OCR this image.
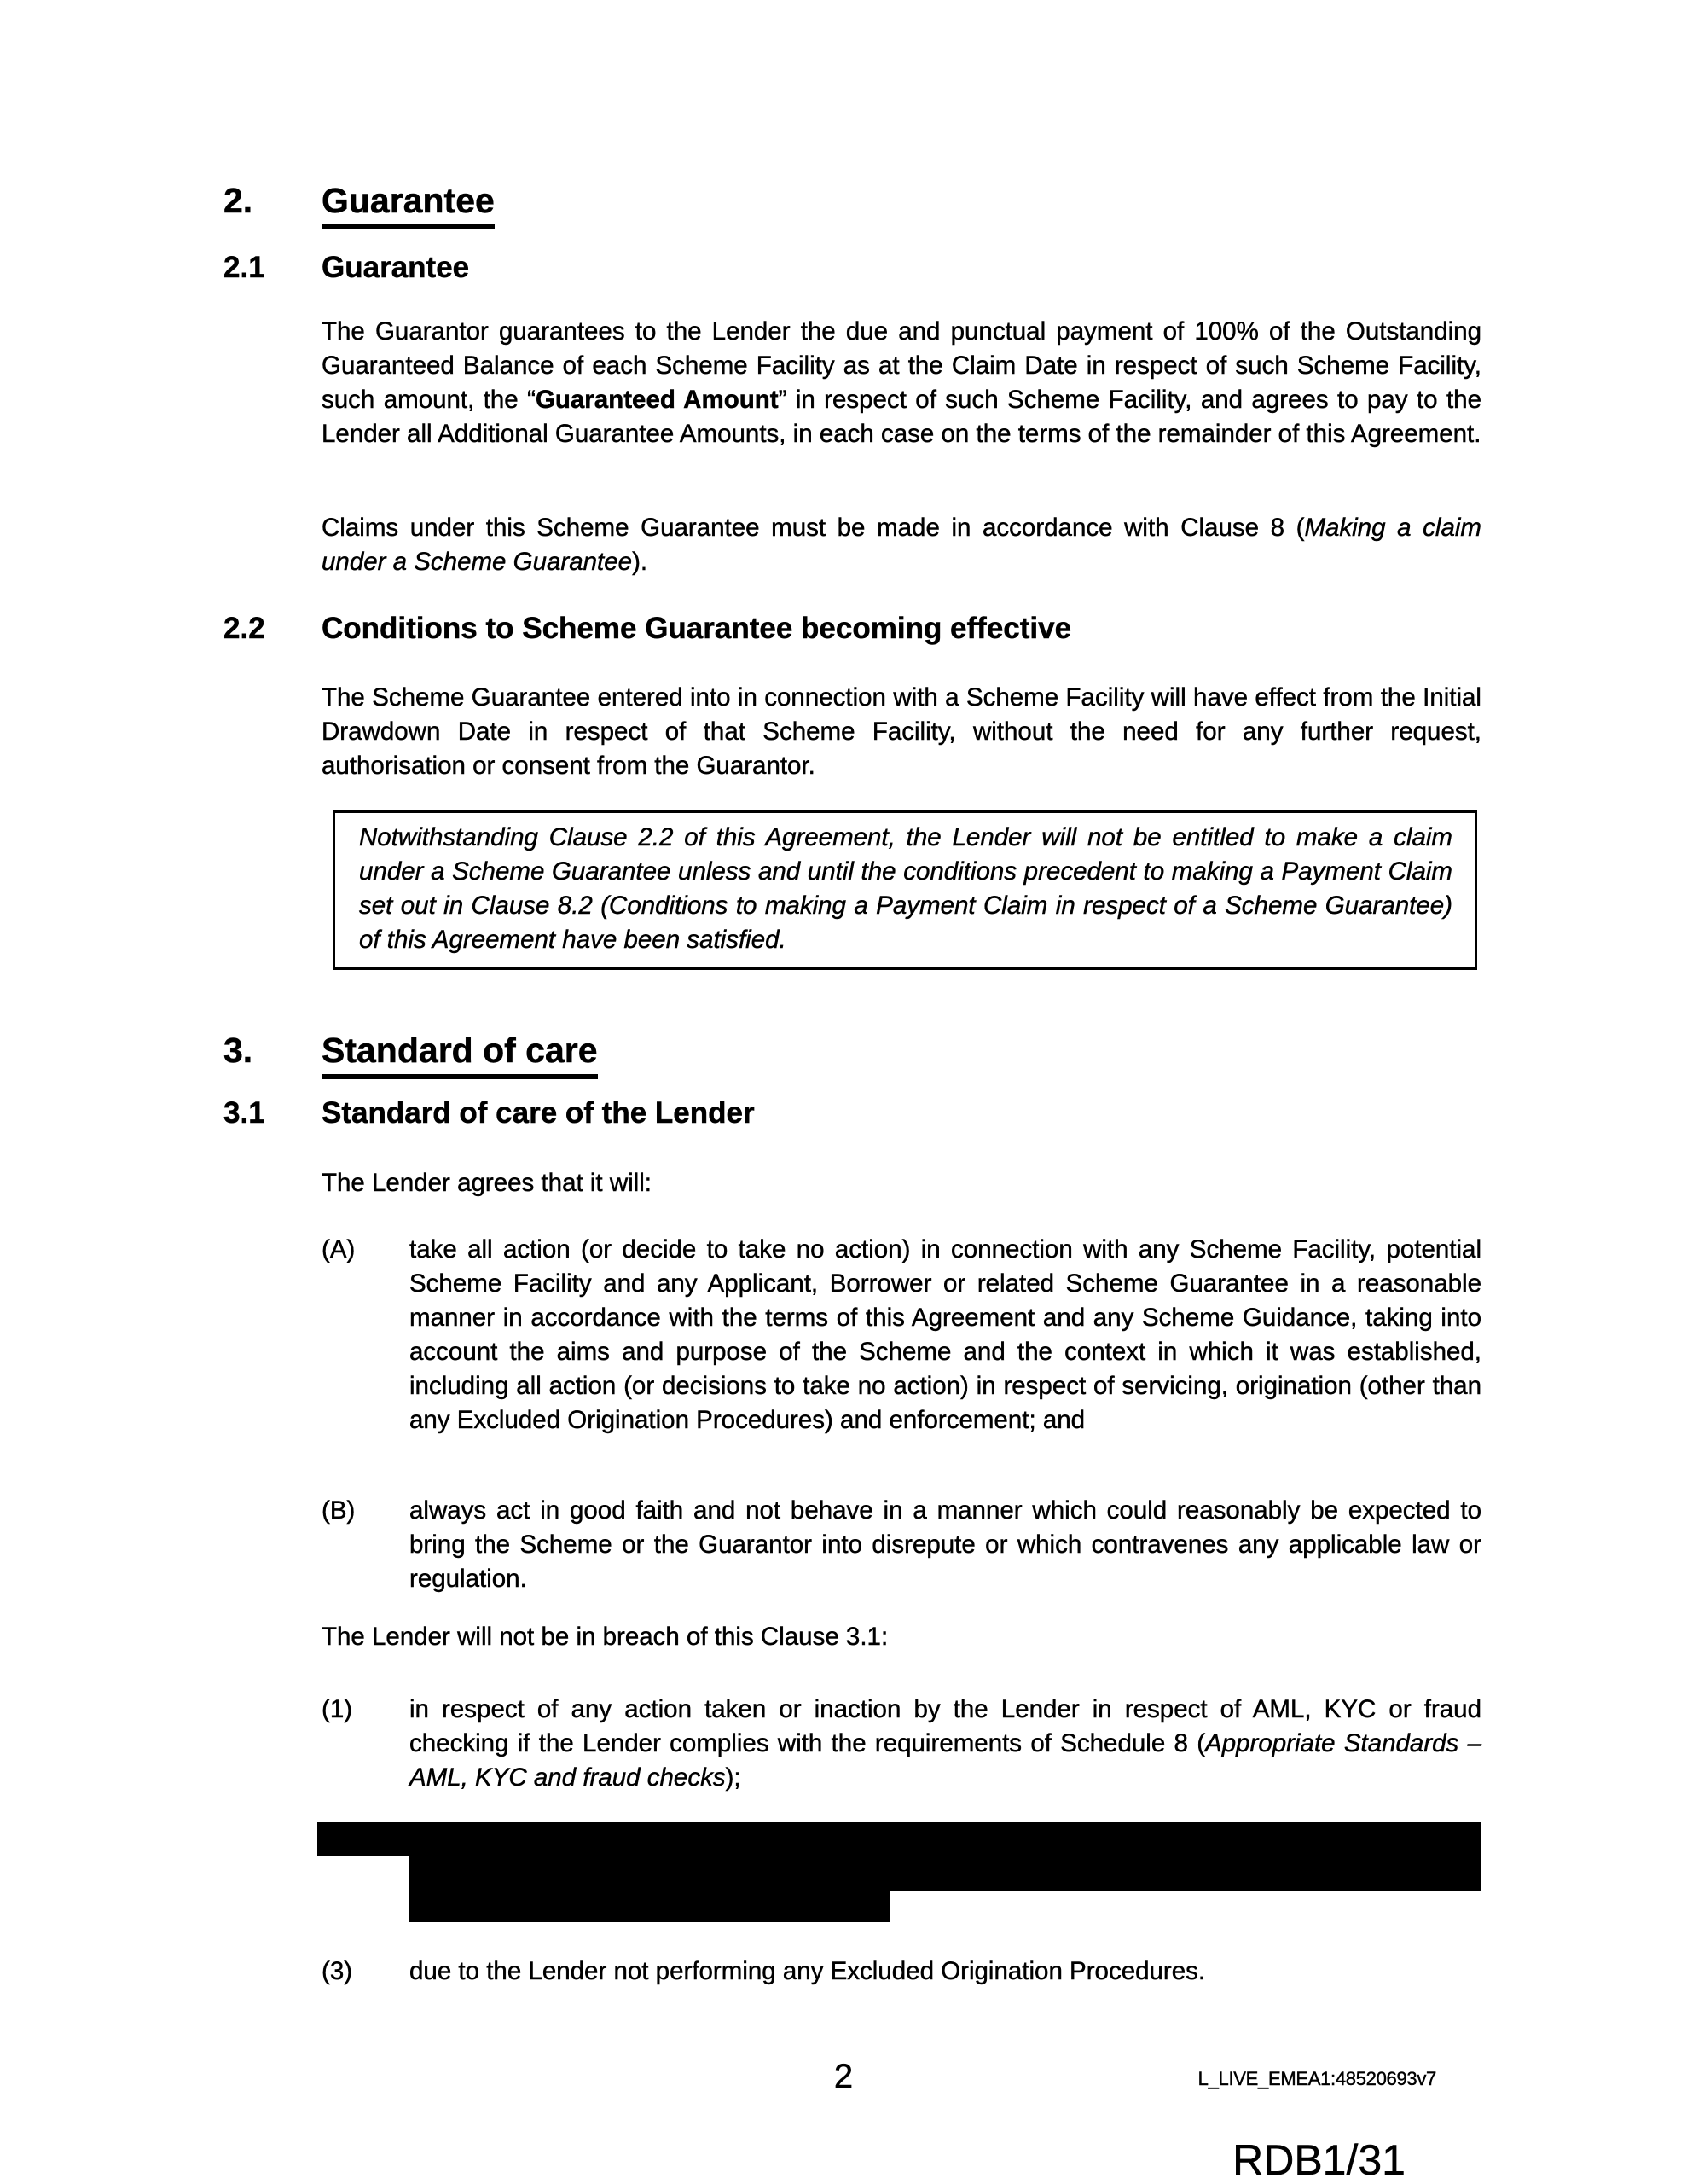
2.	Guarantee
2.1	Guarantee
The Guarantor guarantees to the Lender the due and punctual payment of 100% of the Outstanding Guaranteed Balance of each Scheme Facility as at the Claim Date in respect of such Scheme Facility, such amount, the “Guaranteed Amount” in respect of such Scheme Facility, and agrees to pay to the Lender all Additional Guarantee Amounts, in each case on the terms of the remainder of this Agreement.
Claims under this Scheme Guarantee must be made in accordance with Clause 8 (Making a claim under a Scheme Guarantee).
2.2	Conditions to Scheme Guarantee becoming effective
The Scheme Guarantee entered into in connection with a Scheme Facility will have effect from the Initial Drawdown Date in respect of that Scheme Facility, without the need for any further request, authorisation or consent from the Guarantor.
Notwithstanding Clause 2.2 of this Agreement, the Lender will not be entitled to make a claim under a Scheme Guarantee unless and until the conditions precedent to making a Payment Claim set out in Clause 8.2 (Conditions to making a Payment Claim in respect of a Scheme Guarantee) of this Agreement have been satisfied.
3.	Standard of care
3.1	Standard of care of the Lender
The Lender agrees that it will:
(A)	take all action (or decide to take no action) in connection with any Scheme Facility, potential Scheme Facility and any Applicant, Borrower or related Scheme Guarantee in a reasonable manner in accordance with the terms of this Agreement and any Scheme Guidance, taking into account the aims and purpose of the Scheme and the context in which it was established, including all action (or decisions to take no action) in respect of servicing, origination (other than any Excluded Origination Procedures) and enforcement; and
(B)	always act in good faith and not behave in a manner which could reasonably be expected to bring the Scheme or the Guarantor into disrepute or which contravenes any applicable law or regulation.
The Lender will not be in breach of this Clause 3.1:
(1)	in respect of any action taken or inaction by the Lender in respect of AML, KYC or fraud checking if the Lender complies with the requirements of Schedule 8 (Appropriate Standards – AML, KYC and fraud checks);
(3)	due to the Lender not performing any Excluded Origination Procedures.
2	L_LIVE_EMEA1:48520693v7
RDB1/31
